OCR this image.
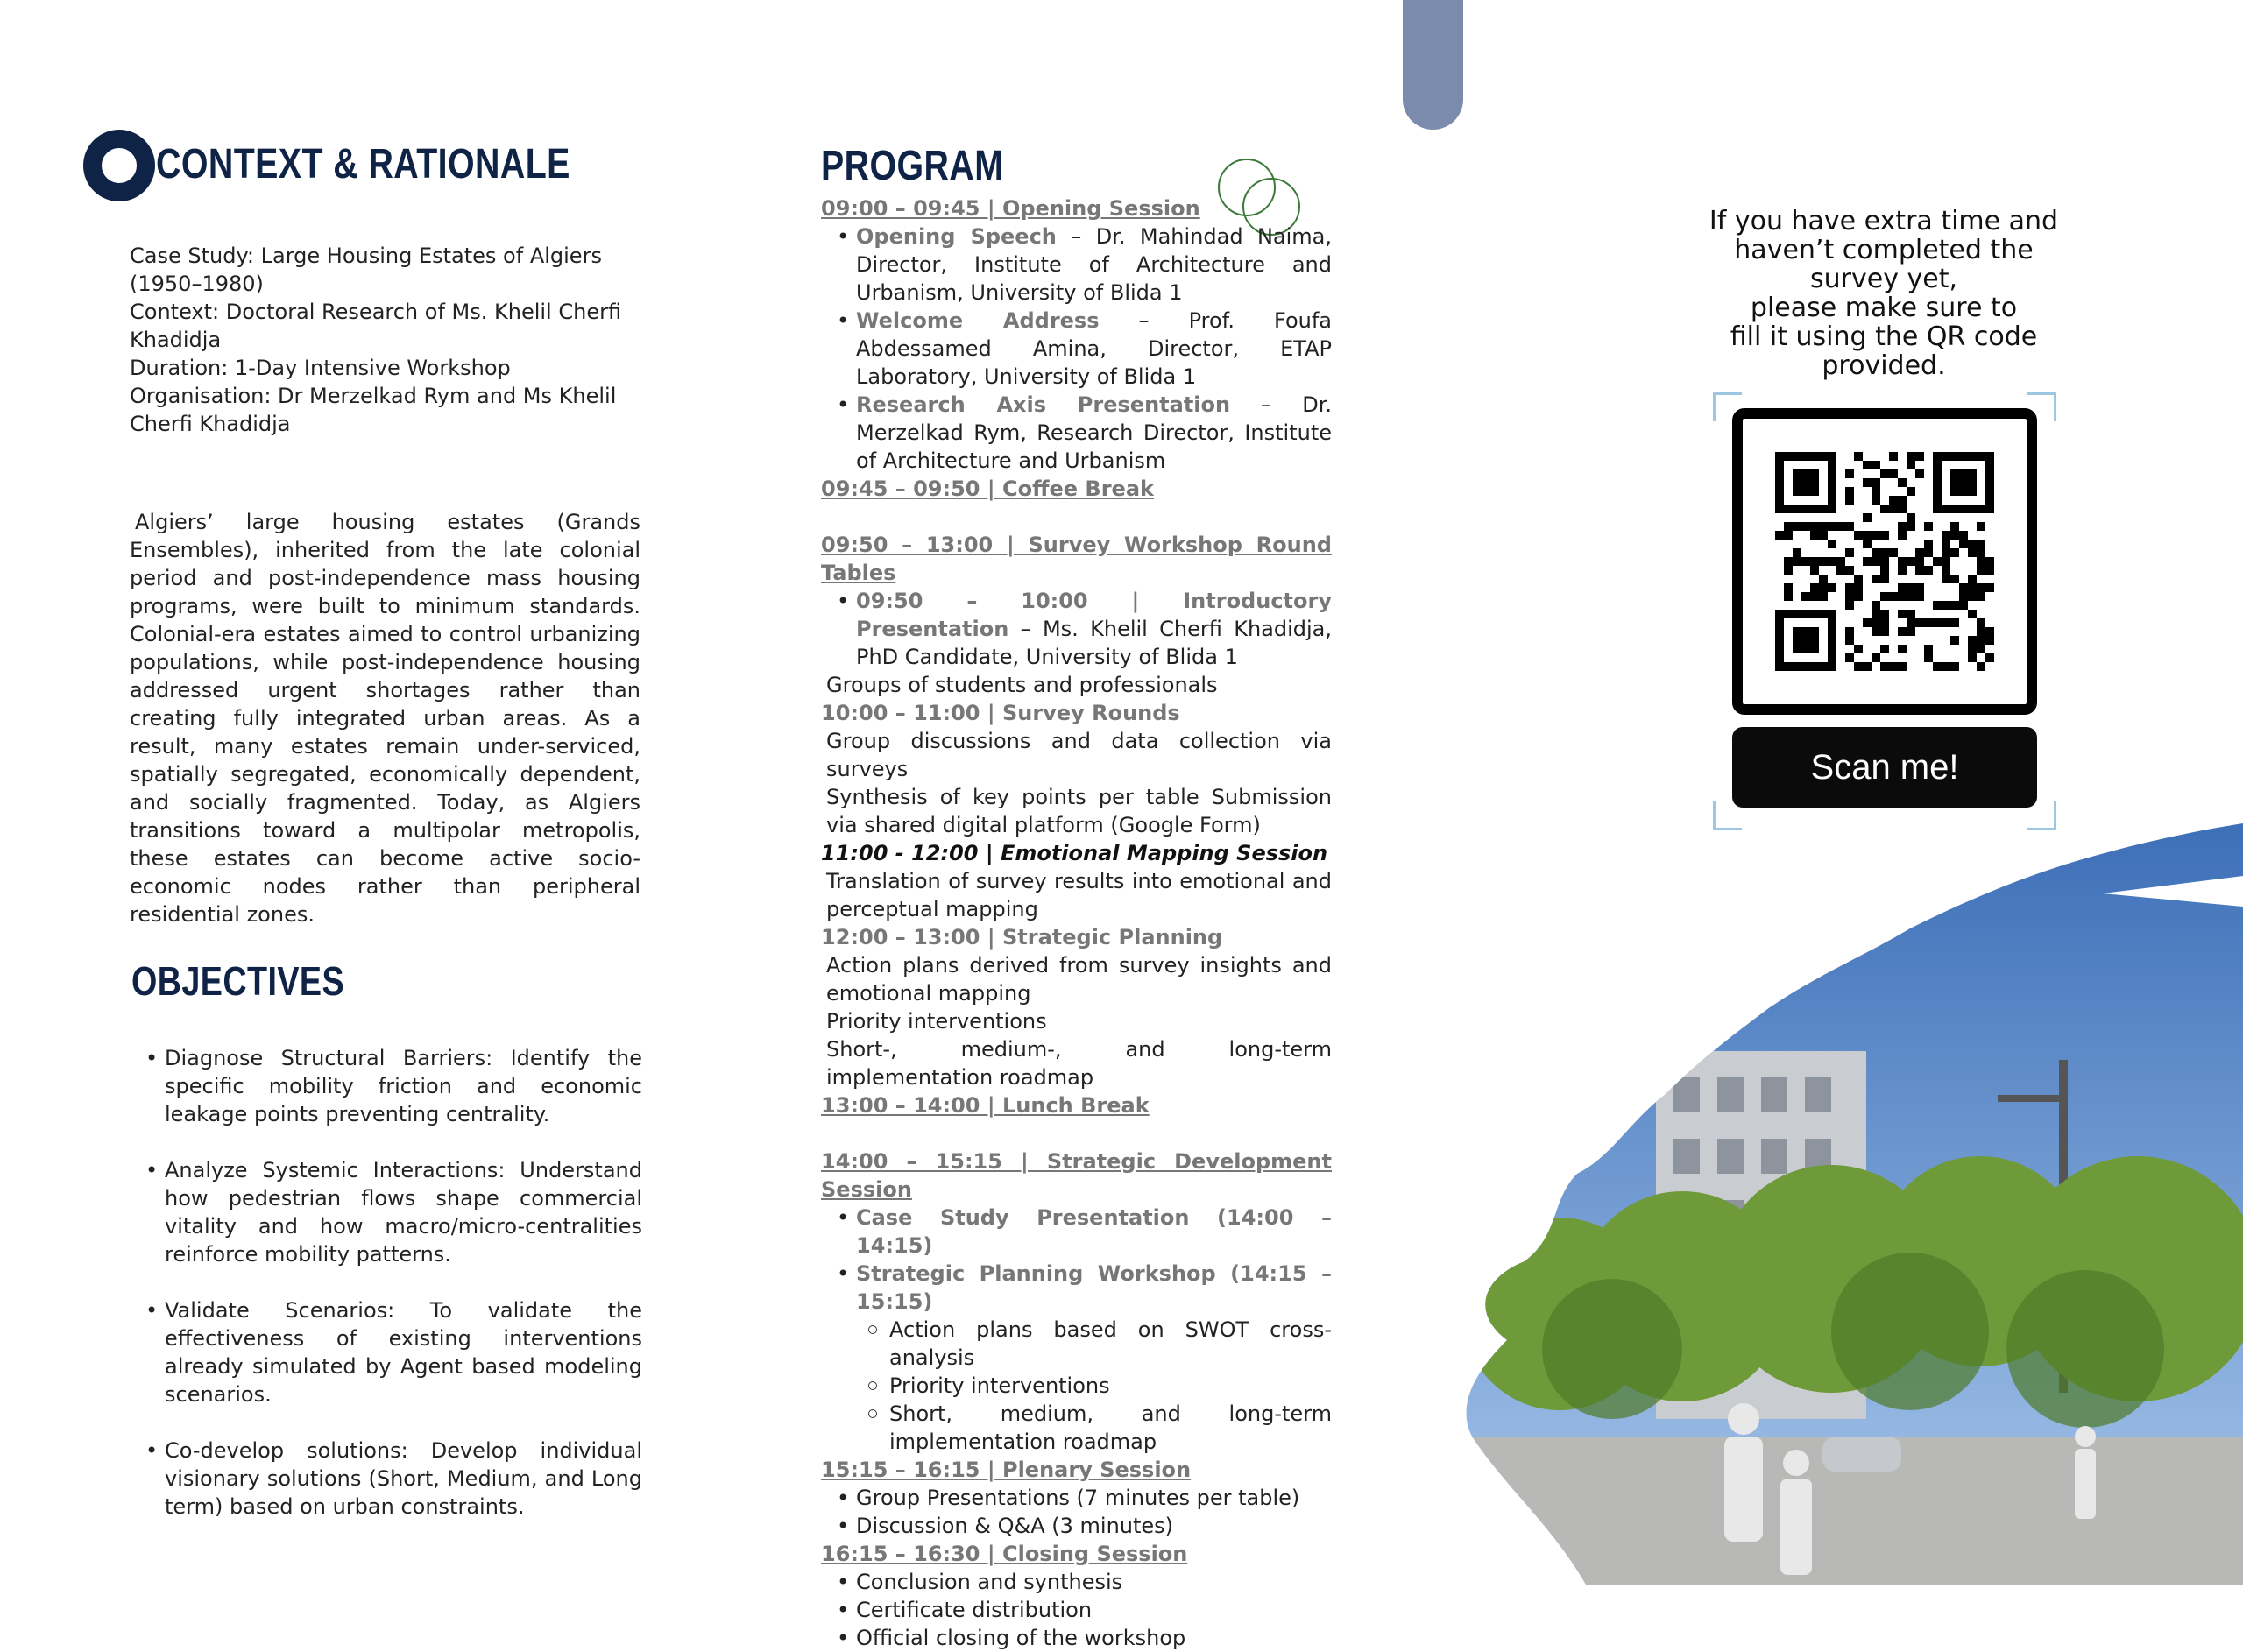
CONTEXT & RATIONALE
Case Study: Large Housing Estates of Algiers (1950–1980)
Context: Doctoral Research of Ms. Khelil Cherfi Khadidja
Duration: 1-Day Intensive Workshop
Organisation: Dr Merzelkad Rym and Ms Khelil Cherfi Khadidja
Algiers’ large housing estates (Grands Ensembles), inherited from the late colonial period and post-independence mass housing programs, were built to minimum standards. Colonial-era estates aimed to control urbanizing populations, while post-independence housing addressed urgent shortages rather than creating fully integrated urban areas. As a result, many estates remain under-serviced, spatially segregated, economically dependent, and socially fragmented. Today, as Algiers transitions toward a multipolar metropolis, these estates can become active socio-economic nodes rather than peripheral residential zones.
OBJECTIVES
• Diagnose Structural Barriers: Identify the specific mobility friction and economic leakage points preventing centrality.
• Analyze Systemic Interactions: Understand how pedestrian flows shape commercial vitality and how macro/micro-centralities reinforce mobility patterns.
• Validate Scenarios: To validate the effectiveness of existing interventions already simulated by Agent based modeling scenarios.
• Co-develop solutions: Develop individual visionary solutions (Short, Medium, and Long term) based on urban constraints.
PROGRAM
09:00 – 09:45 | Opening Session
• Opening Speech – Dr. Mahindad Naima, Director, Institute of Architecture and Urbanism, University of Blida 1
• Welcome Address – Prof. Foufa Abdessamed Amina, Director, ETAP Laboratory, University of Blida 1
• Research Axis Presentation – Dr. Merzelkad Rym, Research Director, Institute of Architecture and Urbanism
09:45 – 09:50 | Coffee Break
09:50 – 13:00 | Survey Workshop Round Tables
• 09:50 – 10:00 | Introductory Presentation – Ms. Khelil Cherfi Khadidja, PhD Candidate, University of Blida 1
Groups of students and professionals
10:00 – 11:00 | Survey Rounds
Group discussions and data collection via surveys
Synthesis of key points per table Submission via shared digital platform (Google Form)
11:00 - 12:00 | Emotional Mapping Session
Translation of survey results into emotional and perceptual mapping
12:00 – 13:00 | Strategic Planning
Action plans derived from survey insights and emotional mapping
Priority interventions
Short-, medium-, and long-term implementation roadmap
13:00 – 14:00 | Lunch Break
14:00 – 15:15 | Strategic Development Session
• Case Study Presentation (14:00 – 14:15)
• Strategic Planning Workshop (14:15 – 15:15)
Action plans based on SWOT cross-analysis
Priority interventions
Short, medium, and long-term implementation roadmap
15:15 – 16:15 | Plenary Session
• Group Presentations (7 minutes per table)
• Discussion & Q&A (3 minutes)
16:15 – 16:30 | Closing Session
• Conclusion and synthesis
• Certificate distribution
• Official closing of the workshop
If you have extra time and
haven’t completed the
survey yet,
please make sure to
fill it using the QR code
provided.
Scan me!
